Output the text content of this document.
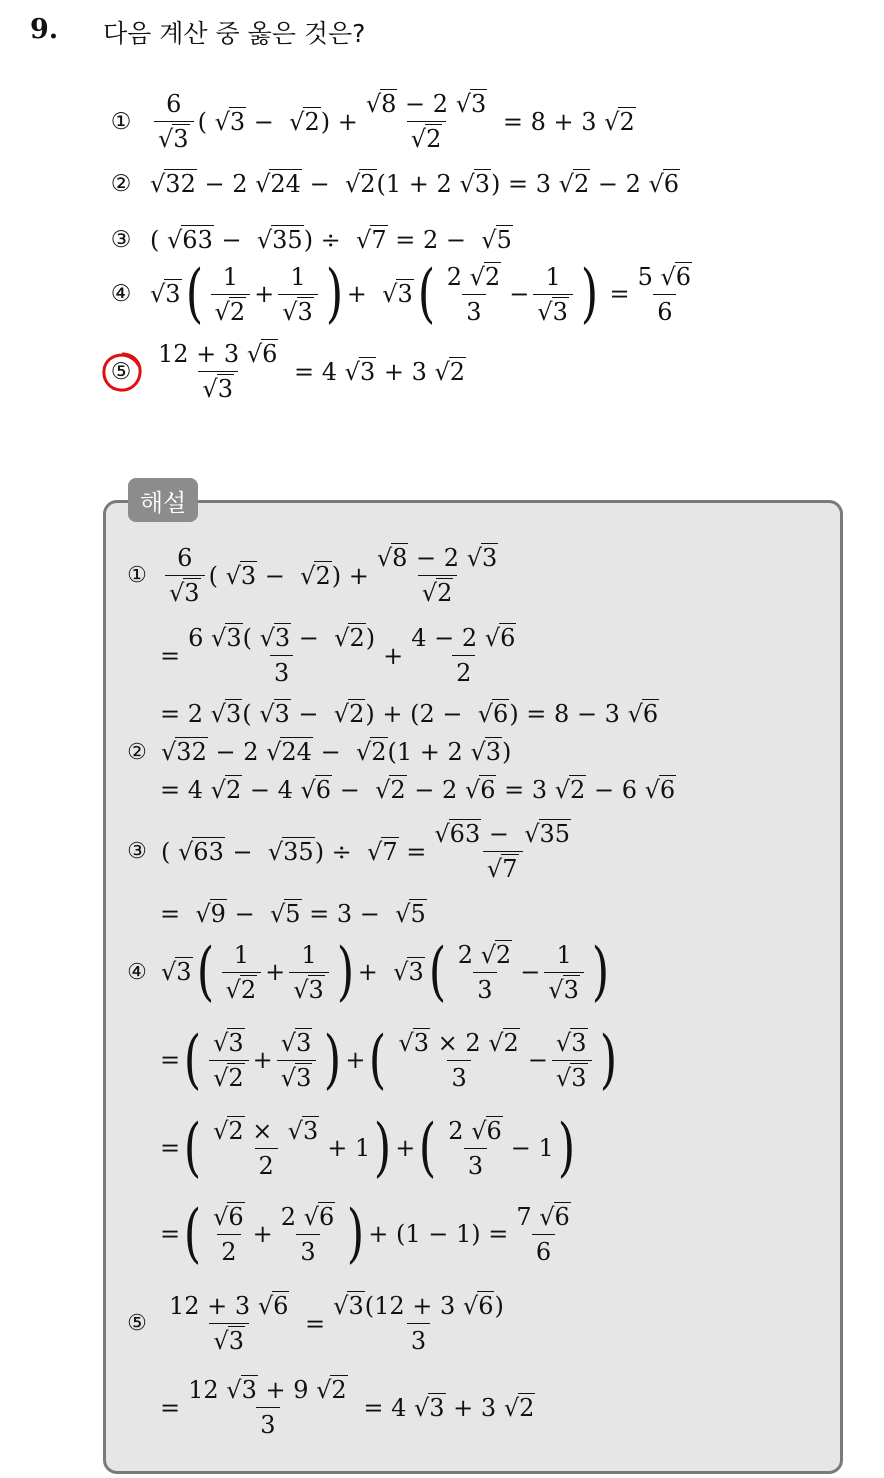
9. 다음 계산 중 옳은 것은?
① $\frac{6}{√3}$ ( $√3 - √2) + \frac{√8 - 2 √3}{√2} = 8 + 3$ √2
② √32 − 2 √24 −  √2(1 + 2 √3) = 3 √2 − 2 √6
③ ( √63 −  √35) ÷  √7 = 2 −  √5
④ √3 ( $\frac{1}{√2} + \frac{1}{√3}$ ) +  √3 ( $\frac{2 √2}{3} - \frac{1}{√3}$ ) = $\frac{5 √6}{6}$
⑤ $\frac{12 + 3 √6}{√3} = 4$ √3 + 3 √2
해설
① $\frac{6}{√3}$ ( $√3 - √2) + \frac{√8 - 2 √3}{√2}$
= $\frac{6 √3( √3 - √2)}{3} + \frac{4 - 2 √6}{2}$
= 2 √3( √3 −  √2) + (2 −  √6) = 8 − 3 √6
② √32 − 2 √24 −  √2(1 + 2 √3)
= 4 √2 − 4 √6 −  √2 − 2 √6 = 3 √2 − 6 √6
③ ( $√63 - √35) \div √7 = \frac{√63 - √35}{√7}$
=  √9 −  √5 = 3 −  √5
④ √3 ( $\frac{1}{√2} + \frac{1}{√3}$ ) +  √3 ( $\frac{2 √2}{3} - \frac{1}{√3}$ )
= ( $\frac{√3}{√2} + \frac{√3}{√3}$ ) + ( $\frac{√3 \times 2 √2}{3} - \frac{√3}{√3}$ )
= ( $\frac{√2 \times √3}{2} + 1$ ) + ( $\frac{2 √6}{3} - 1$ )
= ( $\frac{√6}{2} + \frac{2 √6}{3}$ ) + $(1 - 1) = \frac{7 √6}{6}$
⑤ $\frac{12 + 3 √6}{√3} = \frac{√3(12 + 3 √6)}{3}$
= $\frac{12 √3 + 9 √2}{3} = 4$ √3 + 3 √2
